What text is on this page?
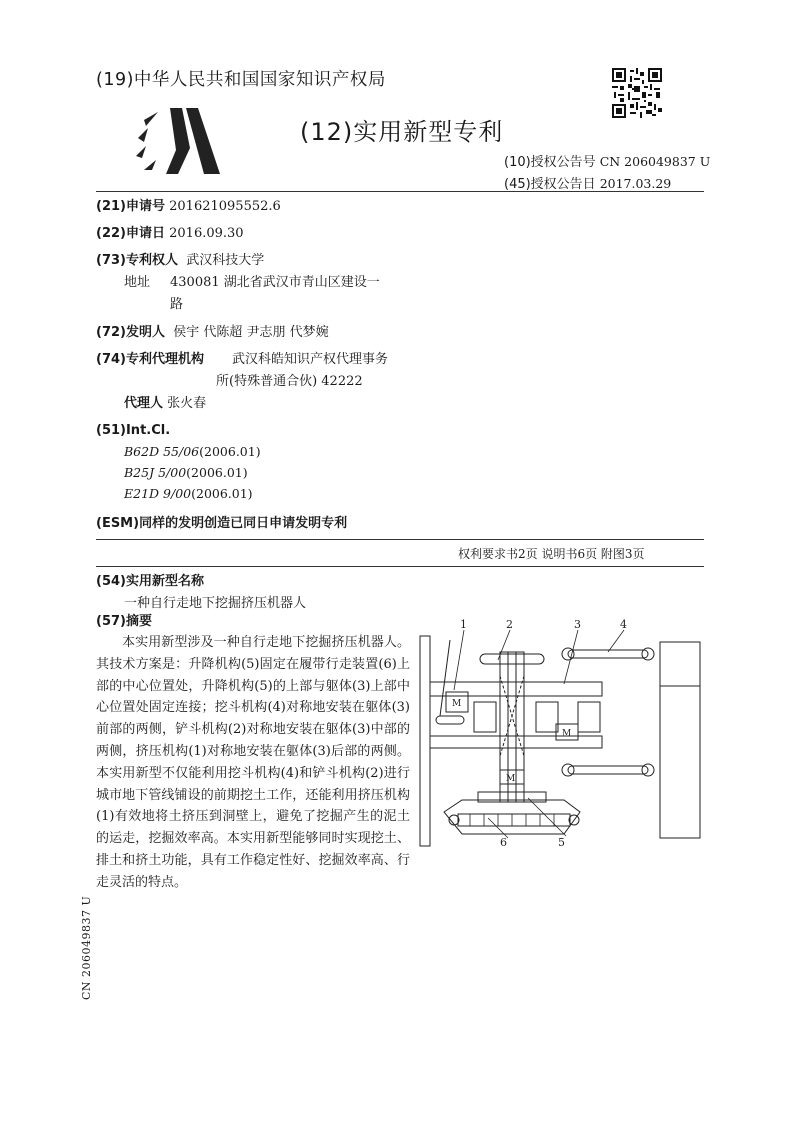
(19)中华人民共和国国家知识产权局
(12)实用新型专利
(10)授权公告号 CN 206049837 U
(45)授权公告日 2017.03.29
(21)申请号 201621095552.6
(22)申请日 2016.09.30
(73)专利权人 武汉科技大学
地址 430081 湖北省武汉市青山区建设一
路
(72)发明人 侯宇 代陈超 尹志朋 代梦婉
(74)专利代理机构 武汉科皓知识产权代理事务
所(特殊普通合伙) 42222
代理人 张火春
(51)Int.Cl.
B62D 55/06(2006.01)
B25J 5/00(2006.01)
E21D 9/00(2006.01)
(ESM)同样的发明创造已同日申请发明专利
权利要求书2页 说明书6页 附图3页
(54)实用新型名称
一种自行走地下挖掘挤压机器人
(57)摘要
本实用新型涉及一种自行走地下挖掘挤压机器人。其技术方案是：升降机构(5)固定在履带行走装置(6)上部的中心位置处，升降机构(5)的上部与躯体(3)上部中心位置处固定连接；挖斗机构(4)对称地安装在躯体(3)前部的两侧，铲斗机构(2)对称地安装在躯体(3)中部的两侧，挤压机构(1)对称地安装在躯体(3)后部的两侧。本实用新型不仅能利用挖斗机构(4)和铲斗机构(2)进行城市地下管线铺设的前期挖土工作，还能利用挤压机构(1)有效地将土挤压到洞壁上，避免了挖掘产生的泥土的运走，挖掘效率高。本实用新型能够同时实现挖土、排土和挤土功能，具有工作稳定性好、挖掘效率高、行走灵活的特点。
CN 206049837 U
M
M
M
1	2	3	4
5
6
